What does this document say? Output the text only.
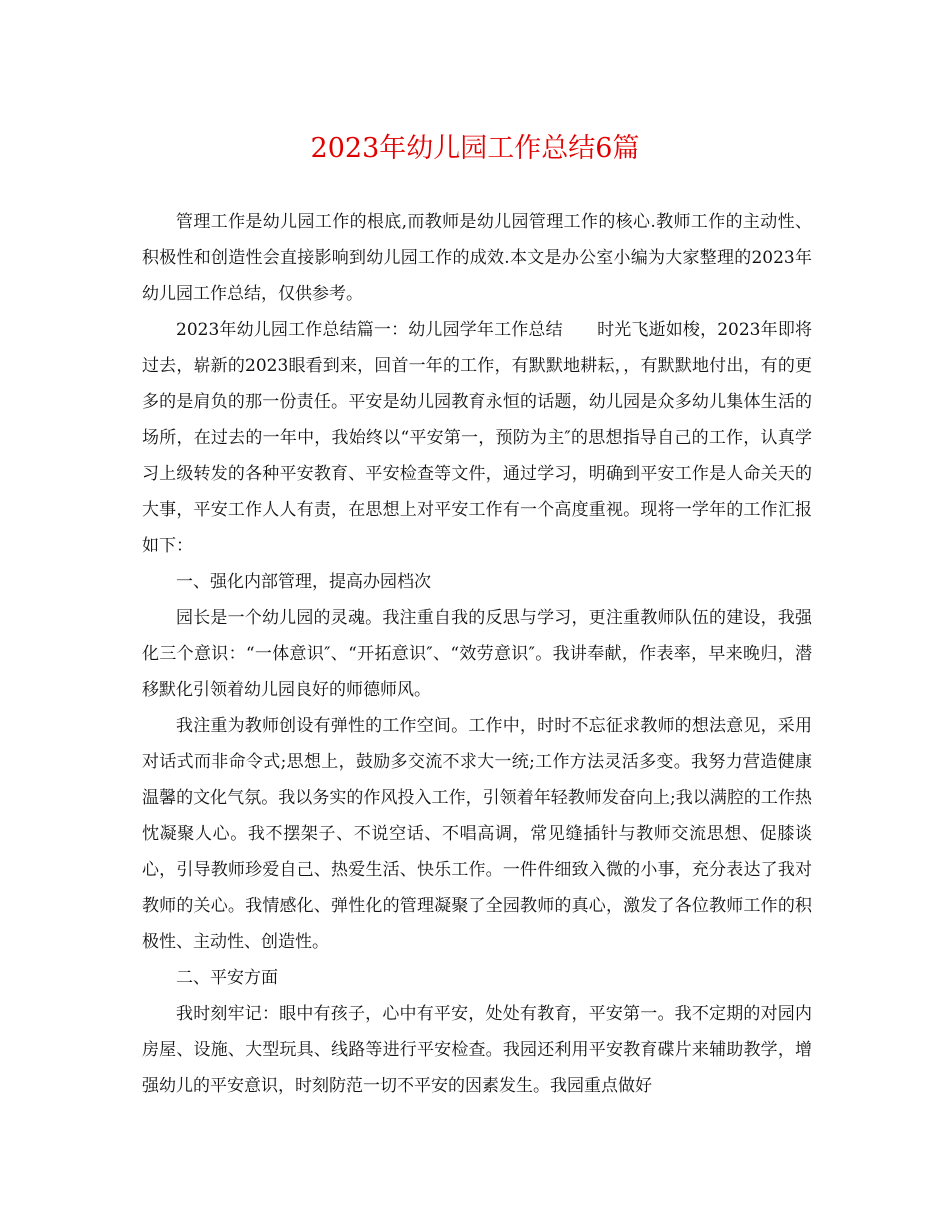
2023年幼儿园工作总结6篇

管理工作是幼儿园工作的根底,而教师是幼儿园管理工作的核心.教师工作的主动性、积极性和创造性会直接影响到幼儿园工作的成效.本文是办公室小编为大家整理的2023年幼儿园工作总结，仅供参考。

2023年幼儿园工作总结篇一：幼儿园学年工作总结　　时光飞逝如梭，2023年即将过去，崭新的2023眼看到来，回首一年的工作，有默默地耕耘，，有默默地付出，有的更多的是肩负的那一份责任。平安是幼儿园教育永恒的话题，幼儿园是众多幼儿集体生活的场所，在过去的一年中，我始终以“平安第一，预防为主″的思想指导自己的工作，认真学习上级转发的各种平安教育、平安检查等文件，通过学习，明确到平安工作是人命关天的大事，平安工作人人有责，在思想上对平安工作有一个高度重视。现将一学年的工作汇报如下：

一、强化内部管理，提高办园档次

园长是一个幼儿园的灵魂。我注重自我的反思与学习，更注重教师队伍的建设，我强化三个意识：“一体意识″、“开拓意识″、“效劳意识″。我讲奉献，作表率，早来晚归，潜移默化引领着幼儿园良好的师德师风。

我注重为教师创设有弹性的工作空间。工作中，时时不忘征求教师的想法意见，采用对话式而非命令式;思想上，鼓励多交流不求大一统;工作方法灵活多变。我努力营造健康温馨的文化气氛。我以务实的作风投入工作，引领着年轻教师发奋向上;我以满腔的工作热忱凝聚人心。我不摆架子、不说空话、不唱高调，常见缝插针与教师交流思想、促膝谈心，引导教师珍爱自己、热爱生活、快乐工作。一件件细致入微的小事，充分表达了我对教师的关心。我情感化、弹性化的管理凝聚了全园教师的真心，激发了各位教师工作的积极性、主动性、创造性。

二、平安方面

我时刻牢记：眼中有孩子，心中有平安，处处有教育，平安第一。我不定期的对园内房屋、设施、大型玩具、线路等进行平安检查。我园还利用平安教育碟片来辅助教学，增强幼儿的平安意识，时刻防范一切不平安的因素发生。我园重点做好
